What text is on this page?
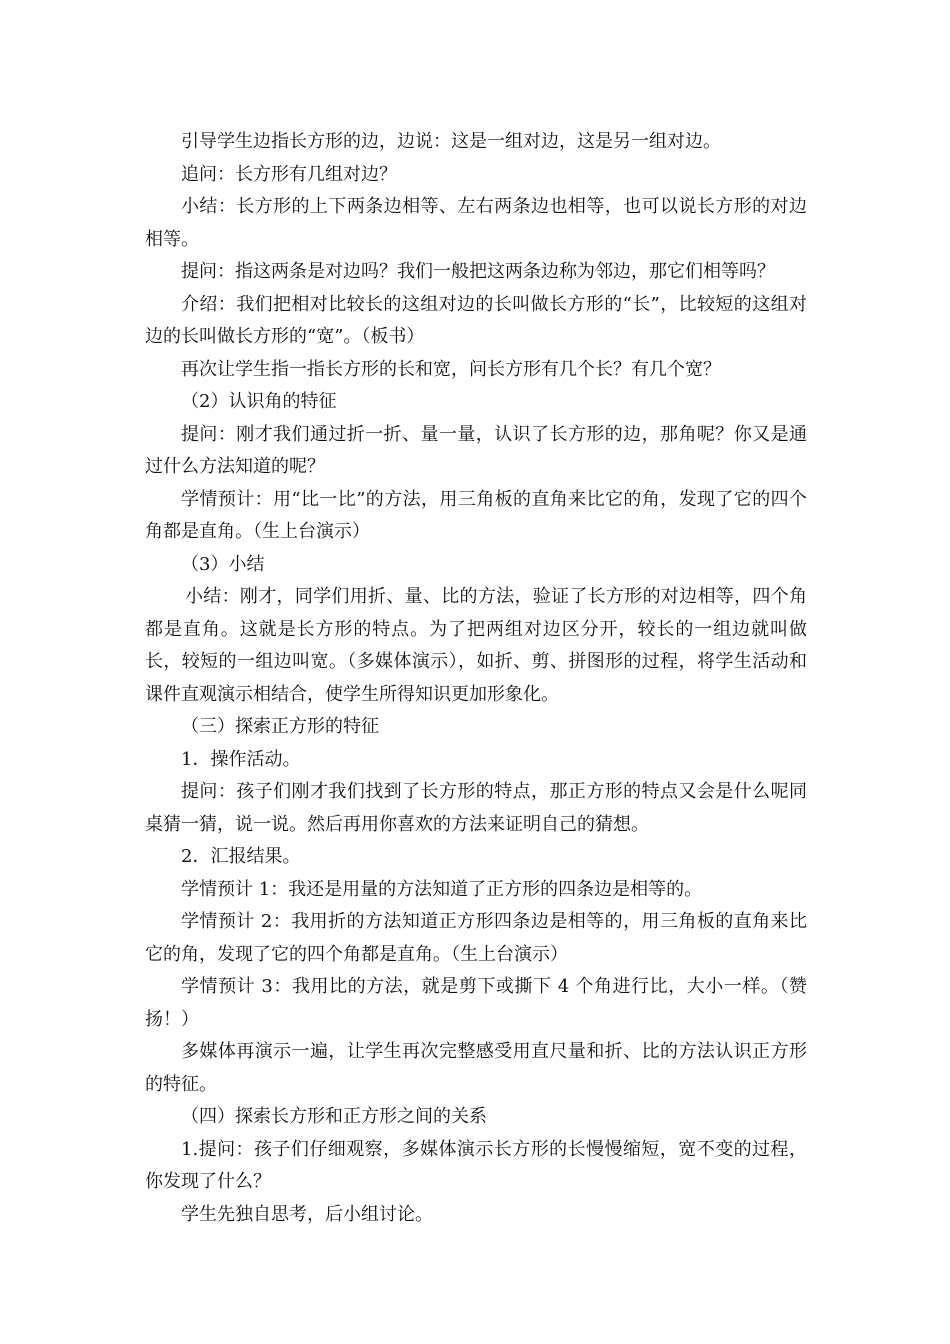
引导学生边指长方形的边，边说：这是一组对边，这是另一组对边。

追问：长方形有几组对边？

小结：长方形的上下两条边相等、左右两条边也相等，也可以说长方形的对边相等。

提问：指这两条是对边吗？我们一般把这两条边称为邻边，那它们相等吗？

介绍：我们把相对比较长的这组对边的长叫做长方形的“长”，比较短的这组对边的长叫做长方形的“宽”。（板书）

再次让学生指一指长方形的长和宽，问长方形有几个长？有几个宽？

（2）认识角的特征

提问：刚才我们通过折一折、量一量，认识了长方形的边，那角呢？你又是通过什么方法知道的呢？

学情预计：用“比一比”的方法，用三角板的直角来比它的角，发现了它的四个角都是直角。（生上台演示）

（3）小结

小结：刚才，同学们用折、量、比的方法，验证了长方形的对边相等，四个角都是直角。这就是长方形的特点。为了把两组对边区分开，较长的一组边就叫做长，较短的一组边叫宽。（多媒体演示），如折、剪、拼图形的过程，将学生活动和课件直观演示相结合，使学生所得知识更加形象化。

（三）探索正方形的特征

1．操作活动。

提问：孩子们刚才我们找到了长方形的特点，那正方形的特点又会是什么呢同桌猜一猜，说一说。然后再用你喜欢的方法来证明自己的猜想。

2．汇报结果。

学情预计 1：我还是用量的方法知道了正方形的四条边是相等的。

学情预计 2：我用折的方法知道正方形四条边是相等的，用三角板的直角来比它的角，发现了它的四个角都是直角。（生上台演示）

学情预计 3：我用比的方法，就是剪下或撕下 4 个角进行比，大小一样。（赞扬！）

多媒体再演示一遍，让学生再次完整感受用直尺量和折、比的方法认识正方形的特征。

（四）探索长方形和正方形之间的关系

1.提问：孩子们仔细观察，多媒体演示长方形的长慢慢缩短，宽不变的过程，你发现了什么？

学生先独自思考，后小组讨论。
